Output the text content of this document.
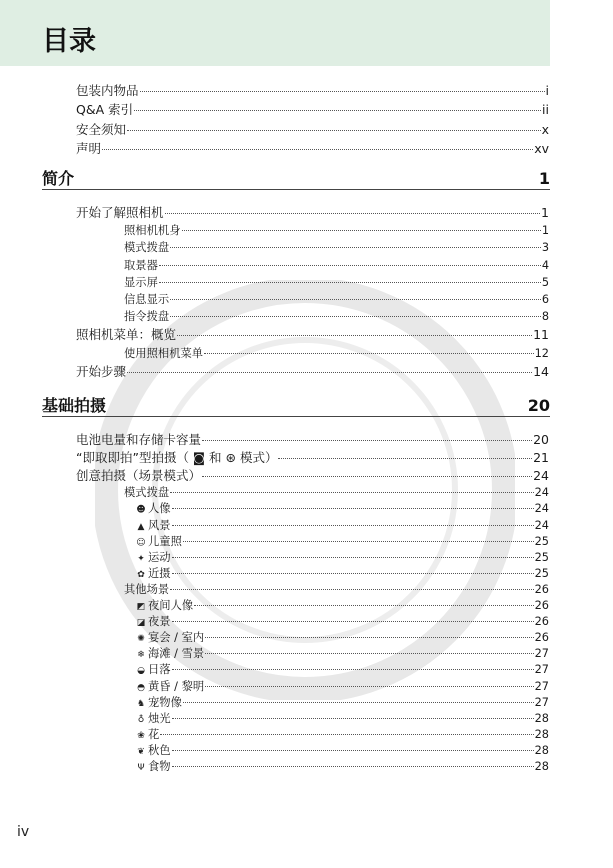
目录
包装内物品	i
Q&A 索引	ii
安全须知	x
声明	xv
简介	1
开始了解照相机	1
照相机机身	1
模式拨盘	3
取景器	4
显示屏	5
信息显示	6
指令拨盘	8
照相机菜单：概览	11
使用照相机菜单	12
开始步骤	14
基础拍摄	20
电池电量和存储卡容量	20
“即取即拍”型拍摄（ ◙ 和 ⊛ 模式）	21
创意拍摄（场景模式）	24
模式拨盘	24
☻ 人像	24
▲ 风景	24
☺ 儿童照	25
✦ 运动	25
✿ 近摄	25
其他场景	26
◩ 夜间人像	26
◪ 夜景	26
✺ 宴会 / 室内	26
❄ 海滩 / 雪景	27
◒ 日落	27
◓ 黄昏 / 黎明	27
♞ 宠物像	27
♁ 烛光	28
❀ 花	28
❦ 秋色	28
Ψ 食物	28
iv
